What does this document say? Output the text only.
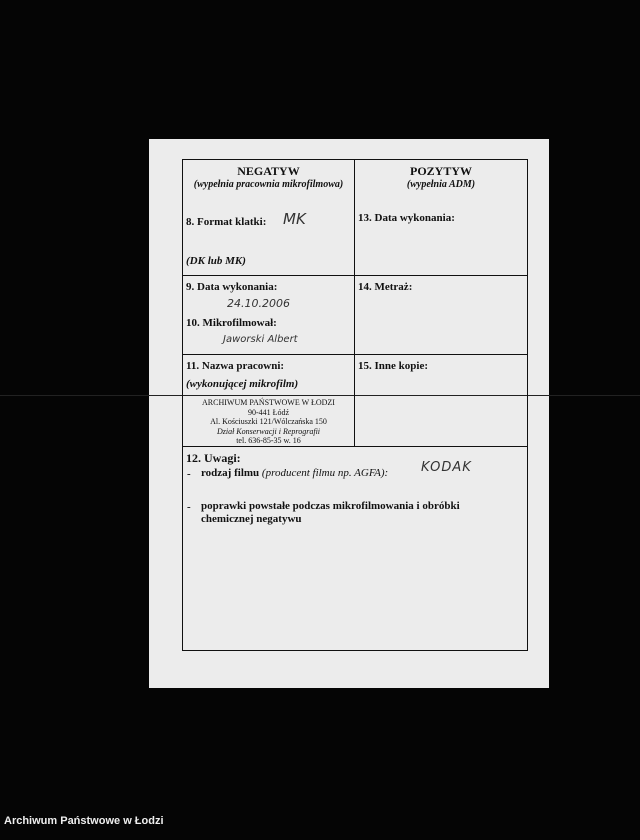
NEGATYW
(wypełnia pracownia mikrofilmowa)
POZYTYW
(wypełnia ADM)
8. Format klatki: MK
(DK lub MK)
13. Data wykonania:
9. Data wykonania:
24.10.2006
10. Mikrofilmował:
Jaworski Albert
14. Metraż:
11. Nazwa pracowni:
(wykonującej mikrofilm)
15. Inne kopie:
ARCHIWUM PAŃSTWOWE W ŁODZI
90-441 Łódź
Al. Kościuszki 121/Wólczańska 150
Dział Konserwacji i Reprografii
tel. 636-85-35 w. 16
12. Uwagi:
- rodzaj filmu (producent filmu np. AGFA):	KODAK
- poprawki powstałe podczas mikrofilmowania i obróbki chemicznej negatywu
Archiwum Państwowe w Łodzi
